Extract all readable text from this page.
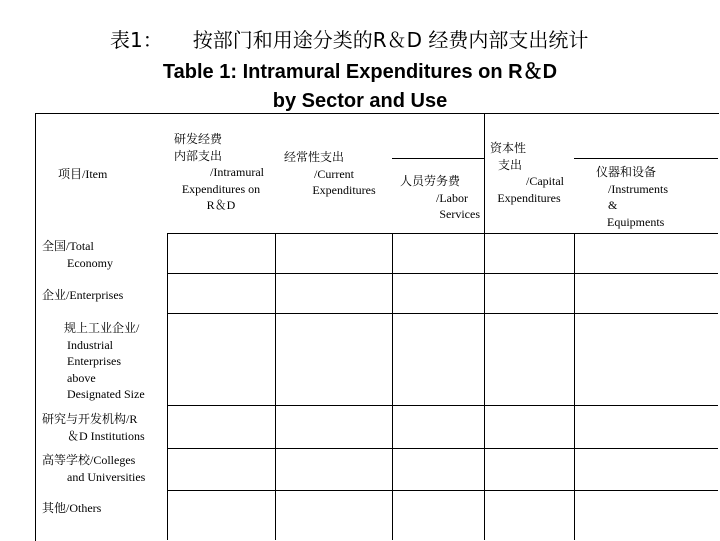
表1： 按部门和用途分类的R＆D 经费内部支出统计
Table 1: Intramural Expenditures on R＆D
by Sector and Use
项目/Item
研发经费
内部支出
/Intramural
Expenditures on
R＆D
经常性支出
/Current
Expenditures
人员劳务费
/Labor
Services
资本性
支出
/Capital
Expenditures
仪器和设备
/Instruments
&
Equipments
全国/Total
Economy
企业/Enterprises
规上工业企业/
Industrial
Enterprises
above
Designated Size
研究与开发机构/R
＆D Institutions
高等学校/Colleges
and Universities
其他/Others
